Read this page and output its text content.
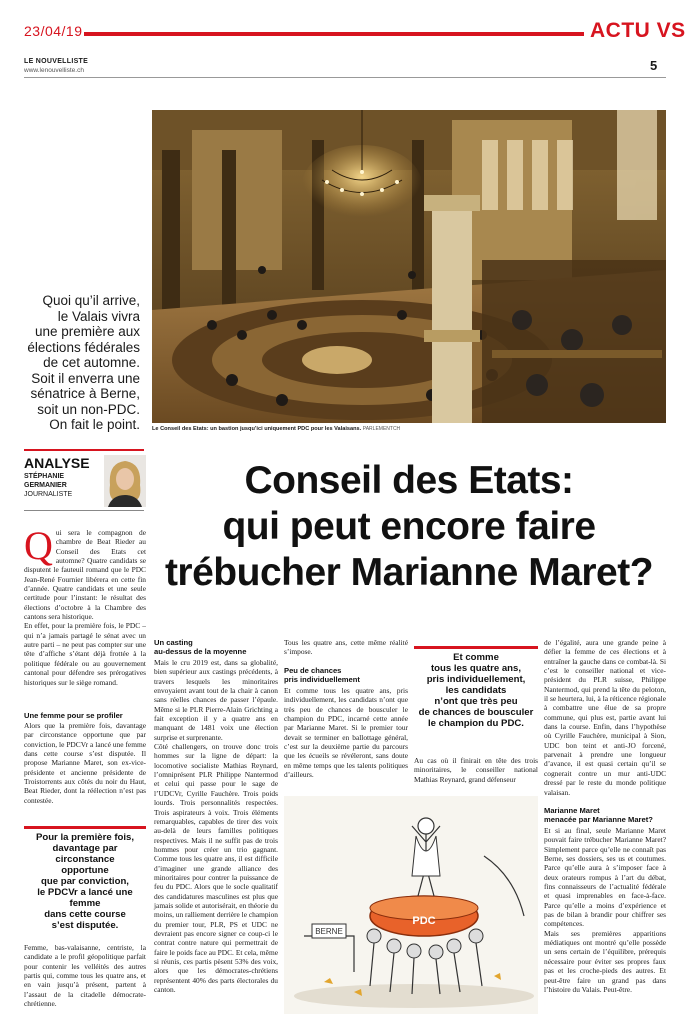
23/04/19	ACTU VS
LE NOUVELLISTE
www.lenouvelliste.ch	5
Le Conseil des Etats: un bastion jusqu’ici uniquement PDC pour les Valaisans. PARLEMENTCH
Quoi qu’il arrive,
le Valais vivra
une première aux
élections fédérales
de cet automne.
Soit il enverra une
sénatrice à Berne,
soit un non-PDC.
On fait le point.
ANALYSE
STÉPHANIE
GERMANIER
JOURNALISTE	Conseil des Etats:
qui peut encore faire
trébucher Marianne Maret?
Q ui sera le compagnon de chambre de Beat Rieder au Conseil des Etats cet automne? Quatre candidats se disputent le fauteuil romand que le PDC Jean-René Fournier libérera en cette fin d’année. Quatre candidats et une seule certitude pour l’instant: le résultat des élections d’octobre à la Chambre des cantons sera historique.

En effet, pour la première fois, le PDC – qui n’a jamais partagé le sénat avec un autre parti – ne peut pas compter sur une tête d’affiche s’étant déjà frottée à la politique fédérale ou au gouvernement cantonal pour défendre ses prérogatives historiques sur le siège romand.

Une femme pour se profiler

Alors que la première fois, davantage par circonstance opportune que par conviction, le PDCVr a lancé une femme dans cette course s’est disputée. Il propose Marianne Maret, son ex-vice-présidente et ancienne présidente de Troistorrents aux côtés du noir du Haut, Beat Rieder, dont la réélection n’est pas contestée.

Pour la première fois,
davantage par circonstance
opportune
que par conviction,
le PDCVr a lancé une femme
dans cette course
s’est disputée.

Femme, bas-valaisanne, centriste, la candidate a le profil géopolitique parfait pour contenir les velléités des autres partis qui, comme tous les quatre ans, et en vain jusqu’à présent, partent à l’assaut de la citadelle démocrate-chrétienne.

Un casting
au-dessus de la moyenne

Mais le cru 2019 est, dans sa globalité, bien supérieur aux castings précédents, à travers lesquels les minoritaires envoyaient avant tout de la chair à canon sans réelles chances de passer l’épaule. Même si le PLR Pierre-Alain Grichting a fait exception il y a quatre ans en manquant de 1481 voix une élection surprise et surprenante.

Côté challengers, on trouve donc trois hommes sur la ligne de départ: la locomotive socialiste Mathias Reynard, l’omniprésent PLR Philippe Nantermod et celui qui passe pour le sage de l’UDCVr, Cyrille Fauchère. Trois poids lourds. Trois personnalités respectées. Trois aspirateurs à voix. Trois éléments remarquables, capables de tirer des voix au-delà de leurs familles politiques respectives. Mais il ne suffit pas de trois hommes pour créer un trio gagnant. Comme tous les quatre ans, il est difficile d’imaginer une grande alliance des minoritaires pour contrer la puissance de feu du PDC. Alors que le socle qualitatif des candidatures masculines est plus que jamais solide et autorisérait, en théorie du moins, un ralliement derrière le champion du premier tour, PLR, PS et UDC ne devraient pas encore signer ce coup-ci le contrat contre nature qui permettrait de faire le poids face au PDC. Et cela, même si réunis, ces partis pèsent 53% des voix, alors que les démocrates-chrétiens représentent 40% des parts électorales du canton.

Tous les quatre ans, cette même réalité s’impose.

Peu de chances
pris individuellement

Et comme tous les quatre ans, pris individuellement, les candidats n’ont que très peu de chances de bousculer le champion du PDC, incarné cette année par Marianne Maret. Si le premier tour devait se terminer en ballottage général, c’est sur la deuxième partie du parcours que les écueils se révéleront, sans doute en même temps que les talents politiques d’ailleurs.

Et comme
tous les quatre ans,
pris individuellement,
les candidats
n’ont que très peu
de chances de bousculer
le champion du PDC.

Au cas où il finirait en tête des trois minoritaires, le conseiller national Mathias Reynard, grand défenseur

BERNE
PDC

de l’égalité, aura une grande peine à défier la femme de ces élections et à entraîner la gauche dans ce combat-là. Si c’est le conseiller national et vice-président du PLR suisse, Philippe Nantermod, qui prend la tête du peloton, il se heurtera, lui, à la réticence régionale à combattre une élue de sa propre commune, qui plus est, partie avant lui dans la course. Enfin, dans l’hypothèse où Cyrille Fauchère, municipal à Sion, UDC bon teint et anti-JO forcené, parvenait à prendre une longueur d’avance, il est quasi certain qu’il se cognerait contre un mur anti-UDC dressé par le reste du monde politique valaisan.

Marianne Maret
menacée par Marianne Maret?

Et si au final, seule Marianne Maret pouvait faire trébucher Marianne Maret? Simplement parce qu’elle ne connaît pas Berne, ses dossiers, ses us et coutumes. Parce qu’elle aura à s’imposer face à deux orateurs rompus à l’art du débat, fins connaisseurs de l’actualité fédérale et quasi imprenables en face-à-face. Parce qu’elle a moins d’expérience et pas de bilan à brandir pour chiffrer ses compétences.

Mais ses premières apparitions médiatiques ont montré qu’elle possède un sens certain de l’équilibre, prérequis nécessaire pour éviter ses propres faux pas et les croche-pieds des autres. Et peut-être faire un grand pas dans l’histoire du Valais. Peut-être.
